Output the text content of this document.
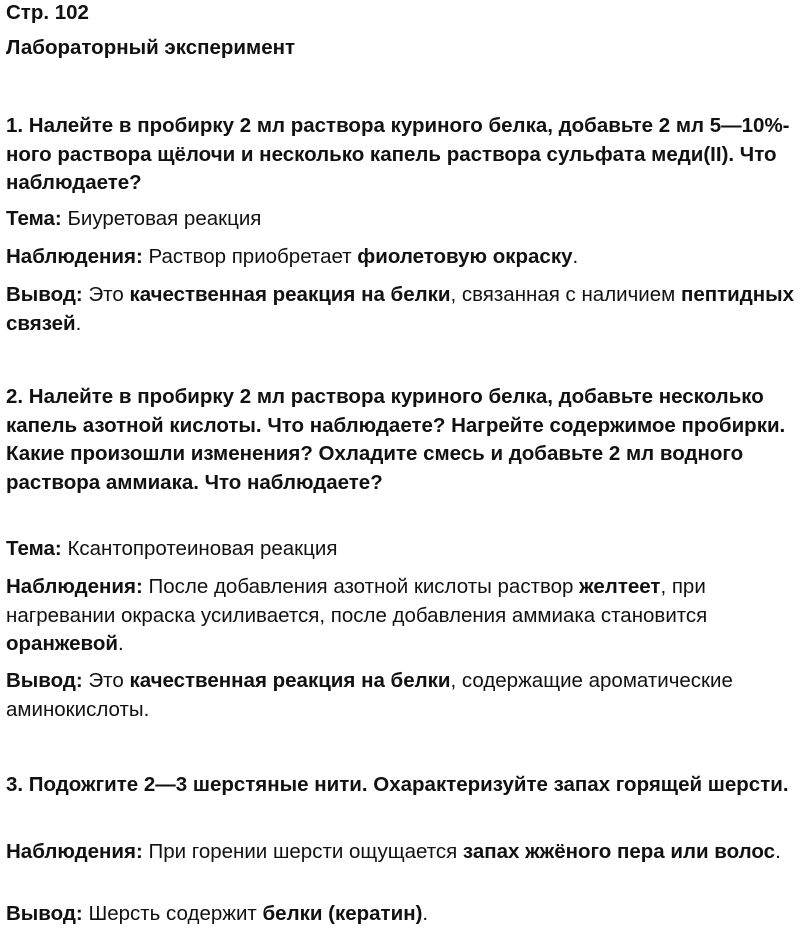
Стр. 102

Лабораторный эксперимент

1. Налейте в пробирку 2 мл раствора куриного белка, добавьте 2 мл 5—10%-ного раствора щёлочи и несколько капель раствора сульфата меди(II). Что наблюдаете?

Тема: Биуретовая реакция

Наблюдения: Раствор приобретает фиолетовую окраску.

Вывод: Это качественная реакция на белки, связанная с наличием пептидных связей.

2. Налейте в пробирку 2 мл раствора куриного белка, добавьте несколько капель азотной кислоты. Что наблюдаете? Нагрейте содержимое пробирки. Какие произошли изменения? Охладите смесь и добавьте 2 мл водного раствора аммиака. Что наблюдаете?

Тема: Ксантопротеиновая реакция

Наблюдения: После добавления азотной кислоты раствор желтеет, при нагревании окраска усиливается, после добавления аммиака становится оранжевой.

Вывод: Это качественная реакция на белки, содержащие ароматические аминокислоты.

3. Подожгите 2—3 шерстяные нити. Охарактеризуйте запах горящей шерсти.

Наблюдения: При горении шерсти ощущается запах жжёного пера или волос.

Вывод: Шерсть содержит белки (кератин).
